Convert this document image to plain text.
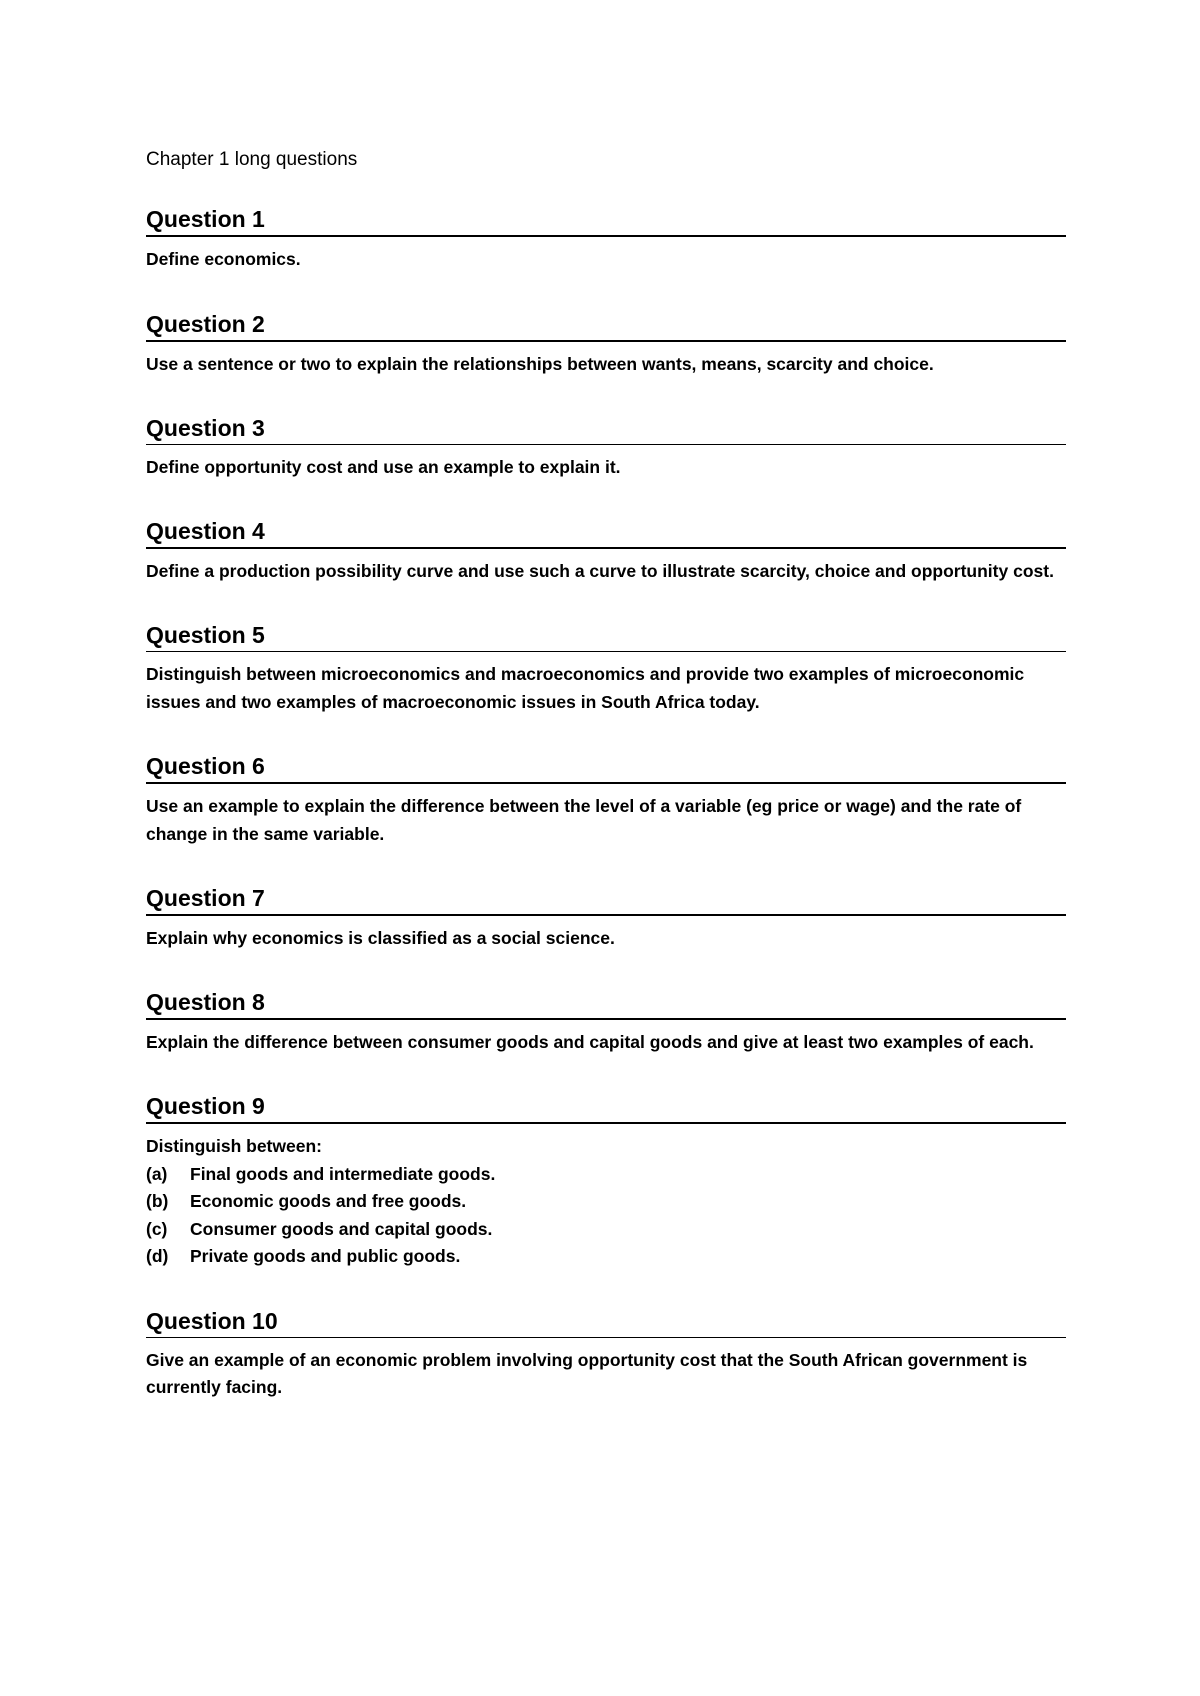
Chapter 1 long questions
Question 1
Define economics.
Question 2
Use a sentence or two to explain the relationships between wants, means, scarcity and choice.
Question 3
Define opportunity cost and use an example to explain it.
Question 4
Define a production possibility curve and use such a curve to illustrate scarcity, choice and opportunity cost.
Question 5
Distinguish between microeconomics and macroeconomics and provide two examples of microeconomic issues and two examples of macroeconomic issues in South Africa today.
Question 6
Use an example to explain the difference between the level of a variable (eg price or wage) and the rate of change in the same variable.
Question 7
Explain why economics is classified as a social science.
Question 8
Explain the difference between consumer goods and capital goods and give at least two examples of each.
Question 9
Distinguish between:
(a)	Final goods and intermediate goods.
(b)	Economic goods and free goods.
(c)	Consumer goods and capital goods.
(d)	Private goods and public goods.
Question 10
Give an example of an economic problem involving opportunity cost that the South African government is currently facing.
